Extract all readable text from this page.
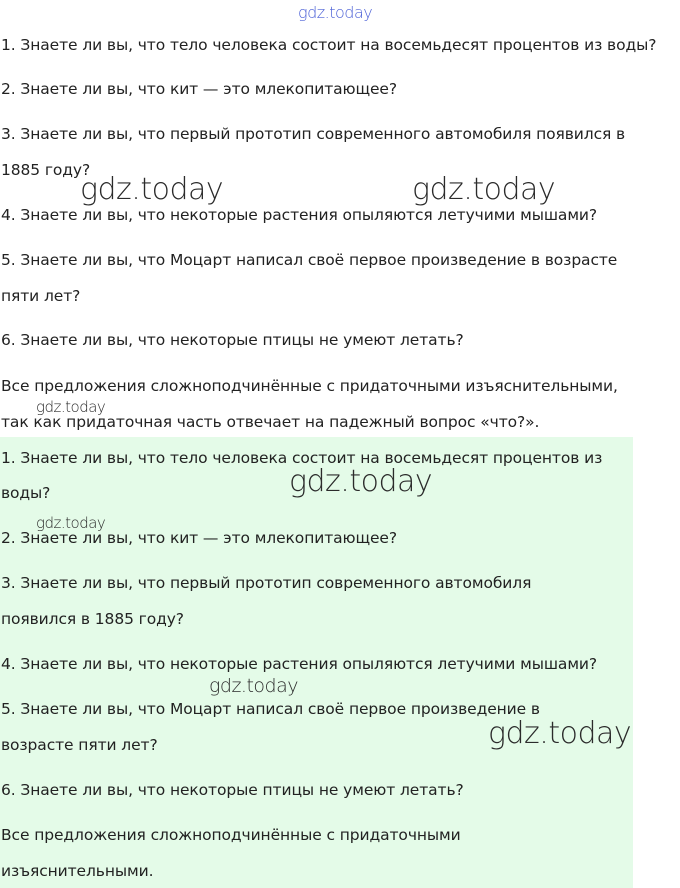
gdz.today
1. Знаете ли вы, что тело человека состоит на восемьдесят процентов из воды?
2. Знаете ли вы, что кит — это млекопитающее?
3. Знаете ли вы, что первый прототип современного автомобиля появился в
1885 году?
4. Знаете ли вы, что некоторые растения опыляются летучими мышами?
5. Знаете ли вы, что Моцарт написал своё первое произведение в возрасте
пяти лет?
6. Знаете ли вы, что некоторые птицы не умеют летать?
Все предложения сложноподчинённые с придаточными изъяснительными,
так как придаточная часть отвечает на падежный вопрос «что?».
1. Знаете ли вы, что тело человека состоит на восемьдесят процентов из
воды?
2. Знаете ли вы, что кит — это млекопитающее?
3. Знаете ли вы, что первый прототип современного автомобиля
появился в 1885 году?
4. Знаете ли вы, что некоторые растения опыляются летучими мышами?
5. Знаете ли вы, что Моцарт написал своё первое произведение в
возрасте пяти лет?
6. Знаете ли вы, что некоторые птицы не умеют летать?
Все предложения сложноподчинённые с придаточными
изъяснительными.
gdz.today	gdz.today
gdz.today
gdz.today
gdz.today
gdz.today
gdz.today
